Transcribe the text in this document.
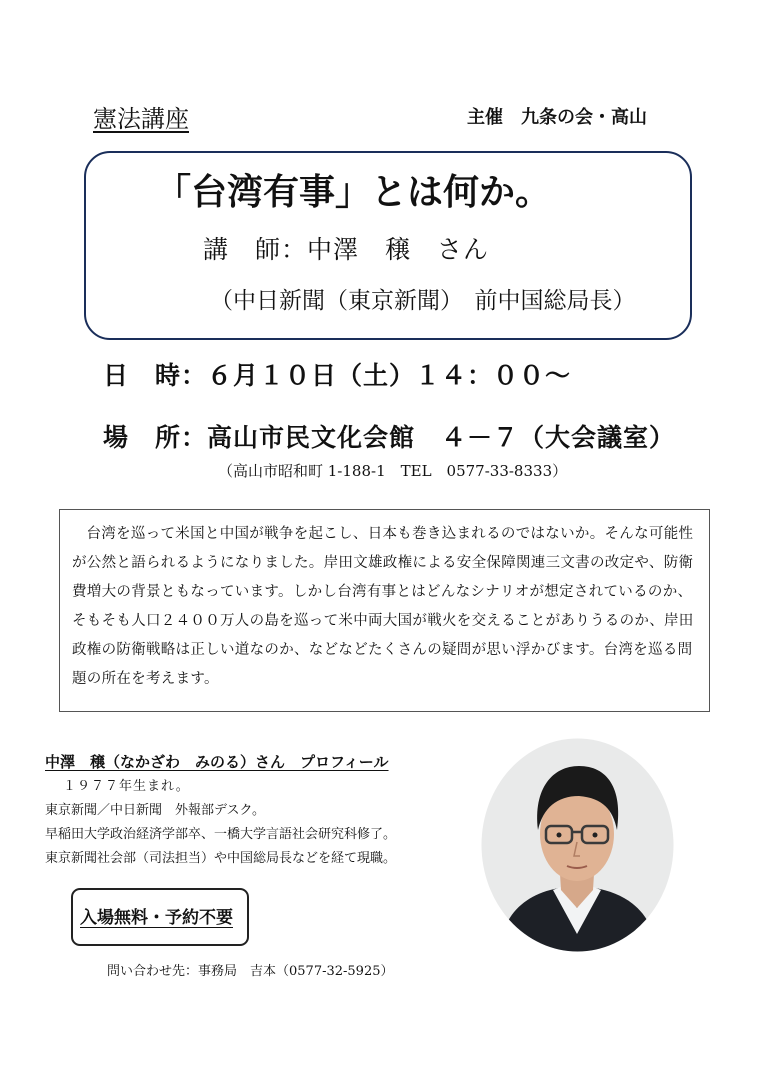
憲法講座	主催　九条の会・高山
「台湾有事」とは何か。
講　師：中澤　穣　さん
（中日新聞（東京新聞）　前中国総局長）
日　時：６月１０日（土）１４：００～
場　所：高山市民文化会館　４－７（大会議室）
（高山市昭和町 1-188-1　TEL　0577-33-8333）

台湾を巡って米国と中国が戦争を起こし、日本も巻き込まれるのではないか。そんな可能性が公然と語られるようになりました。岸田文雄政権による安全保障関連三文書の改定や、防衛費増大の背景ともなっています。しかし台湾有事とはどんなシナリオが想定されているのか、そもそも人口２４００万人の島を巡って米中両大国が戦火を交えることがありうるのか、岸田政権の防衛戦略は正しい道なのか、などなどたくさんの疑問が思い浮かびます。台湾を巡る問題の所在を考えます。

中澤　穣（なかざわ　みのる）さん　プロフィール
１９７７年生まれ。
東京新聞／中日新聞　外報部デスク。
早稲田大学政治経済学部卒、一橋大学言語社会研究科修了。
東京新聞社会部（司法担当）や中国総局長などを経て現職。
入場無料・予約不要
問い合わせ先：事務局　吉本（0577-32-5925）
